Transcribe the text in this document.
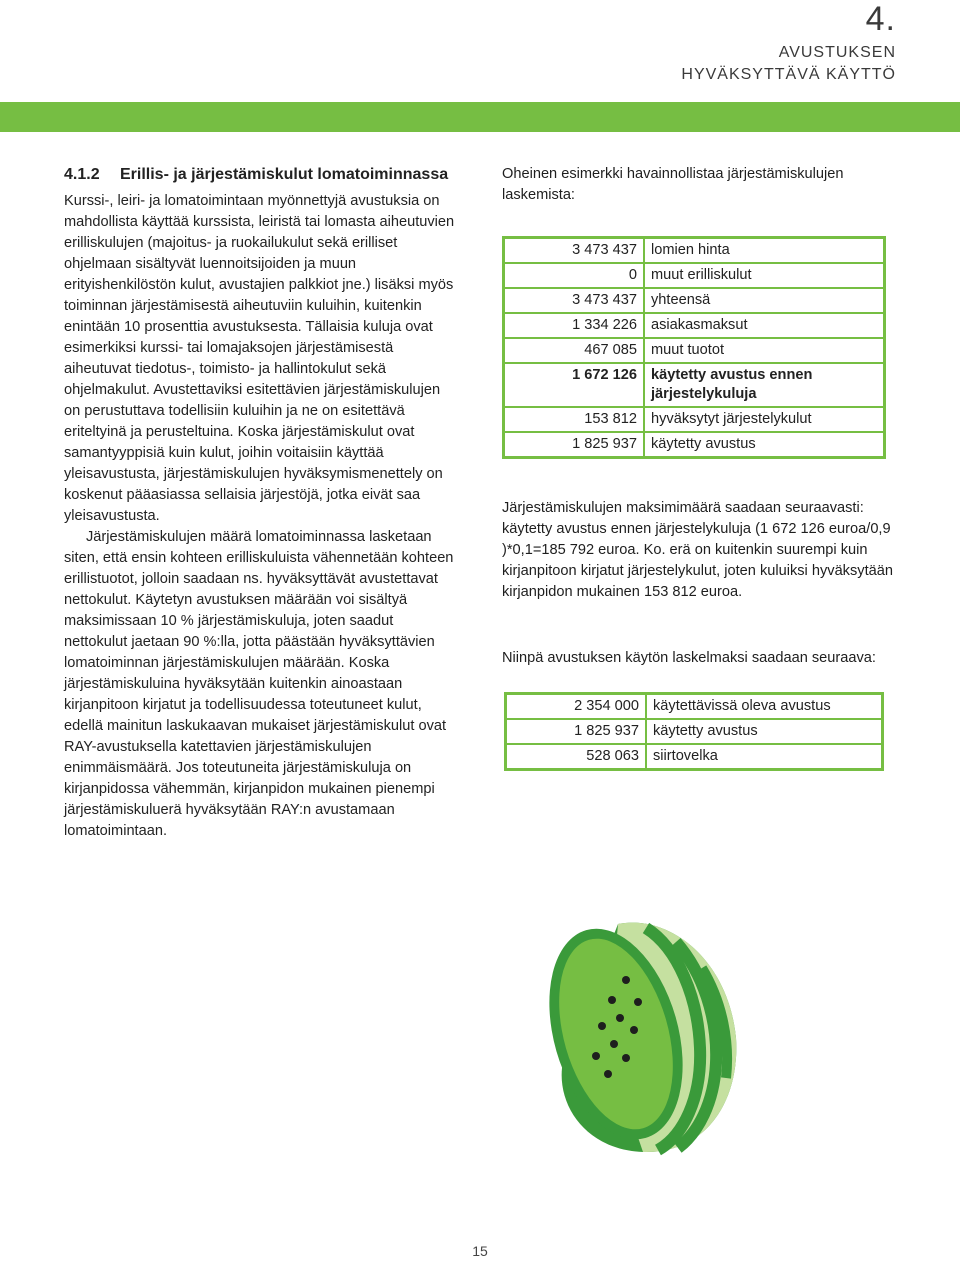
4.
AVUSTUKSEN
HYVÄKSYTTÄVÄ KÄYTTÖ
4.1.2	Erillis- ja järjestämiskulut lomatoiminnassa

Kurssi-, leiri- ja lomatoimintaan myönnettyjä avustuksia on mahdollista käyttää kurssista, leiristä tai lomasta aiheutuvien erilliskulujen (majoitus- ja ruokailukulut sekä erilliset ohjelmaan sisältyvät luennoitsijoiden ja muun erityishenkilöstön kulut, avustajien palkkiot jne.) lisäksi myös toiminnan järjestämisestä aiheutuviin kuluihin, kuitenkin enintään 10 prosenttia avustuksesta. Tällaisia kuluja ovat esimerkiksi kurssi- tai lomajaksojen järjestämisestä aiheutuvat tiedotus-, toimisto- ja hallintokulut sekä ohjelmakulut. Avustettaviksi esitettävien järjestämiskulujen on perustuttava todellisiin kuluihin ja ne on esitettävä eriteltyinä ja perusteltuina. Koska järjestämiskulut ovat samantyyppisiä kuin kulut, joihin voitaisiin käyttää yleisavustusta, järjestämiskulujen hyväksymismenettely on koskenut pääasiassa sellaisia järjestöjä, jotka eivät saa yleisavustusta.

Järjestämiskulujen määrä lomatoiminnassa lasketaan siten, että ensin kohteen erilliskuluista vähennetään kohteen erillistuotot, jolloin saadaan ns. hyväksyttävät avustettavat nettokulut. Käytetyn avustuksen määrään voi sisältyä maksimissaan 10 % järjestämiskuluja, joten saadut nettokulut jaetaan 90 %:lla, jotta päästään hyväksyttävien lomatoiminnan järjestämiskulujen määrään. Koska järjestämiskuluina hyväksytään kuitenkin ainoastaan kirjanpitoon kirjatut ja todellisuudessa toteutuneet kulut, edellä mainitun laskukaavan mukaiset järjestämiskulut ovat RAY-avustuksella katettavien järjestämiskulujen enimmäismäärä. Jos toteutuneita järjestämiskuluja on kirjanpidossa vähemmän, kirjanpidon mukainen pienempi järjestämiskuluerä hyväksytään RAY:n avustamaan lomatoimintaan.

Oheinen esimerkki havainnollistaa järjestämiskulujen laskemista:

3 473 437	lomien hinta
0	muut erilliskulut
3 473 437	yhteensä
1 334 226	asiakasmaksut
467 085	muut tuotot
1 672 126	käytetty avustus ennen järjestelykuluja
153 812	hyväksytyt järjestelykulut
1 825 937	käytetty avustus

Järjestämiskulujen maksimimäärä saadaan seuraavasti: käytetty avustus ennen järjestelykuluja (1 672 126 euroa/0,9 )*0,1=185 792 euroa. Ko. erä on kuitenkin suurempi kuin kirjanpitoon kirjatut järjestelykulut, joten kuluiksi hyväksytään kirjanpidon mukainen 153 812 euroa.

Niinpä avustuksen käytön laskelmaksi saadaan seuraava:

2 354 000	käytettävissä oleva avustus
1 825 937	käytetty avustus
528 063	siirtovelka
15
